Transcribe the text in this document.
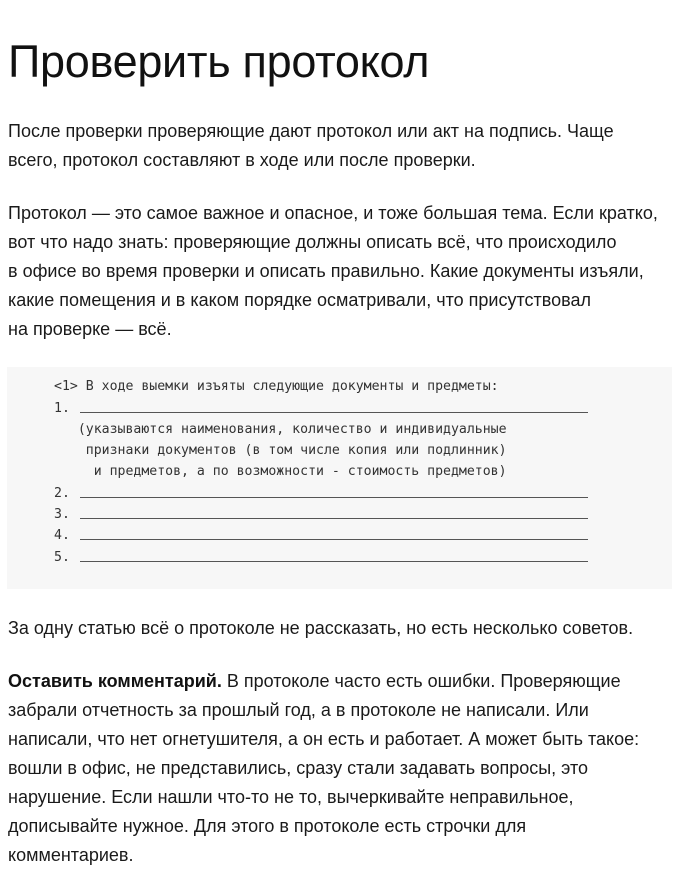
Проверить протокол

После проверки проверяющие дают протокол или акт на подпись. Чаще
всего, протокол составляют в ходе или после проверки.

Протокол — это самое важное и опасное, и тоже большая тема. Если кратко,
вот что надо знать: проверяющие должны описать всё, что происходило
в офисе во время проверки и описать правильно. Какие документы изъяли,
какие помещения и в каком порядке осматривали, что присутствовал
на проверке — всё.

<1> В ходе выемки изъяты следующие документы и предметы:
1.
(указываются наименования, количество и индивидуальные
признаки документов (в том числе копия или подлинник)
и предметов, а по возможности - стоимость предметов)
2.
3.
4.
5.

За одну статью всё о протоколе не рассказать, но есть несколько советов.

Оставить комментарий. В протоколе часто есть ошибки. Проверяющие
забрали отчетность за прошлый год, а в протоколе не написали. Или
написали, что нет огнетушителя, а он есть и работает. А может быть такое:
вошли в офис, не представились, сразу стали задавать вопросы, это
нарушение. Если нашли что-то не то, вычеркивайте неправильное,
дописывайте нужное. Для этого в протоколе есть строчки для
комментариев.
